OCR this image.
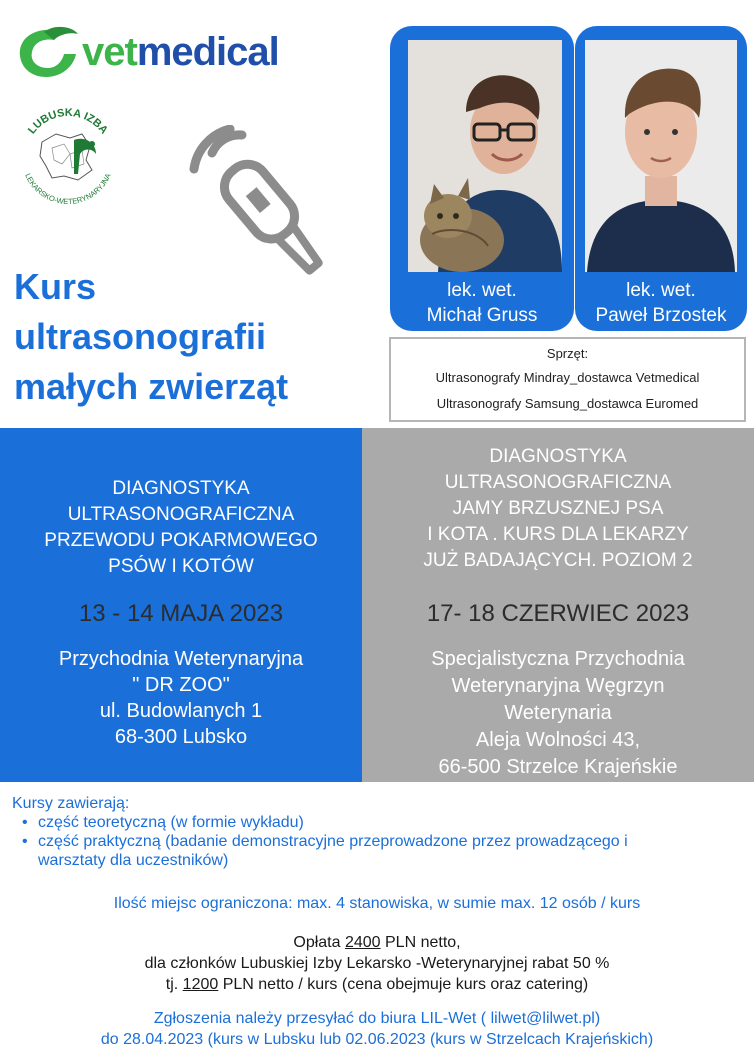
vetmedical
LUBUSKA IZBA
LEKARSKO-WETERYNARYJNA
Kurs
ultrasonografii
małych zwierząt
lek. wet.
Michał Gruss
lek. wet.
Paweł Brzostek
Sprzęt:
Ultrasonografy Mindray_dostawca Vetmedical
Ultrasonografy Samsung_dostawca Euromed
DIAGNOSTYKA
ULTRASONOGRAFICZNA
PRZEWODU POKARMOWEGO
PSÓW I KOTÓW
13 - 14 MAJA 2023
Przychodnia Weterynaryjna
" DR ZOO"
ul. Budowlanych 1
68-300 Lubsko
DIAGNOSTYKA
ULTRASONOGRAFICZNA
JAMY BRZUSZNEJ PSA
I KOTA . KURS DLA LEKARZY
JUŻ BADAJĄCYCH. POZIOM 2
17- 18 CZERWIEC 2023
Specjalistyczna Przychodnia
Weterynaryjna Węgrzyn
Weterynaria
Aleja Wolności 43,
66-500 Strzelce Krajeńskie
Kursy zawierają:
• część teoretyczną (w formie wykładu)
• część praktyczną (badanie demonstracyjne przeprowadzone przez prowadzącego i warsztaty dla uczestników)
Ilość miejsc ograniczona: max. 4 stanowiska, w sumie max. 12 osób / kurs
Opłata 2400 PLN netto,
dla członków Lubuskiej Izby Lekarsko -Weterynaryjnej rabat 50 %
tj. 1200 PLN netto / kurs (cena obejmuje kurs oraz catering)
Zgłoszenia należy przesyłać do biura LIL-Wet ( lilwet@lilwet.pl)
do 28.04.2023 (kurs w Lubsku lub 02.06.2023 (kurs w Strzelcach Krajeńskich)
